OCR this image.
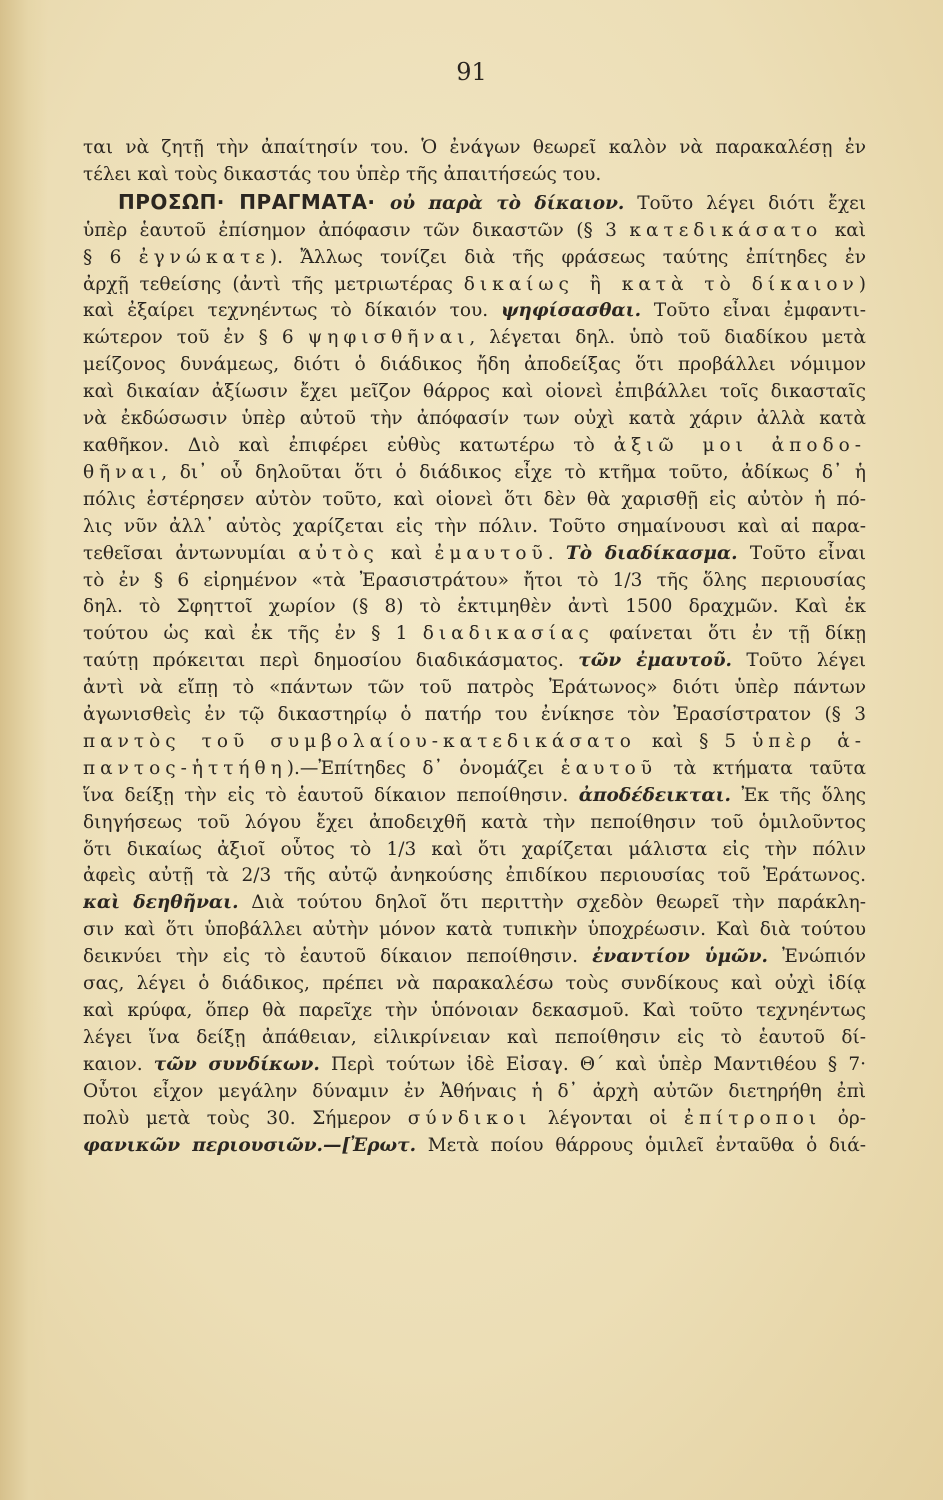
91
ται νὰ ζητῇ τὴν ἀπαίτησίν του. Ὁ ἐνάγων θεωρεῖ καλὸν νὰ παρακαλέσῃ ἐν
τέλει καὶ τοὺς δικαστάς του ὑπὲρ τῆς ἀπαιτήσεώς του.
ΠΡΟΣΩΠ· ΠΡΑΓΜΑΤΑ· οὐ παρὰ τὸ δίκαιον. Τοῦτο λέγει διότι ἔχει
ὑπὲρ ἑαυτοῦ ἐπίσημον ἀπόφασιν τῶν δικαστῶν (§ 3 κατεδικάσατο καὶ
§ 6 ἐγνώκατε). Ἄλλως τονίζει διὰ τῆς φράσεως ταύτης ἐπίτηδες ἐν
ἀρχῇ τεθείσης (ἀντὶ τῆς μετριωτέρας δικαίως ἢ κατὰ τὸ δίκαιον)
καὶ ἐξαίρει τεχνηέντως τὸ δίκαιόν του. ψηφίσασθαι. Τοῦτο εἶναι ἐμφαντι-
κώτερον τοῦ ἐν § 6 ψηφισθῆναι, λέγεται δηλ. ὑπὸ τοῦ διαδίκου μετὰ
μείζονος δυνάμεως, διότι ὁ διάδικος ἤδη ἀποδείξας ὅτι προβάλλει νόμιμον
καὶ δικαίαν ἀξίωσιν ἔχει μεῖζον θάρρος καὶ οἱονεὶ ἐπιβάλλει τοῖς δικασταῖς
νὰ ἐκδώσωσιν ὑπὲρ αὐτοῦ τὴν ἀπόφασίν των οὐχὶ κατὰ χάριν ἀλλὰ κατὰ
καθῆκον. Διὸ καὶ ἐπιφέρει εὐθὺς κατωτέρω τὸ ἀξιῶ μοι ἀποδο-
θῆναι, δι᾿ οὗ δηλοῦται ὅτι ὁ διάδικος εἶχε τὸ κτῆμα τοῦτο, ἀδίκως δ᾿ ἡ
πόλις ἐστέρησεν αὐτὸν τοῦτο, καὶ οἱονεὶ ὅτι δὲν θὰ χαρισθῇ εἰς αὐτὸν ἡ πό-
λις νῦν ἀλλ᾿ αὐτὸς χαρίζεται εἰς τὴν πόλιν. Τοῦτο σημαίνουσι καὶ αἱ παρα-
τεθεῖσαι ἀντωνυμίαι αὐτὸς καὶ ἐμαυτοῦ. Τὸ διαδίκασμα. Τοῦτο εἶναι
τὸ ἐν § 6 εἰρημένον «τὰ Ἐρασιστράτου» ἤτοι τὸ 1/3 τῆς ὅλης περιουσίας
δηλ. τὸ Σφηττοῖ χωρίον (§ 8) τὸ ἐκτιμηθὲν ἀντὶ 1500 δραχμῶν. Καὶ ἐκ
τούτου ὡς καὶ ἐκ τῆς ἐν § 1 διαδικασίας φαίνεται ὅτι ἐν τῇ δίκῃ
ταύτῃ πρόκειται περὶ δημοσίου διαδικάσματος. τῶν ἐμαυτοῦ. Τοῦτο λέγει
ἀντὶ νὰ εἴπῃ τὸ «πάντων τῶν τοῦ πατρὸς Ἐράτωνος» διότι ὑπὲρ πάντων
ἀγωνισθεὶς ἐν τῷ δικαστηρίῳ ὁ πατήρ του ἐνίκησε τὸν Ἐρασίστρατον (§ 3
παντὸς τοῦ συμβολαίου-κατεδικάσατο καὶ § 5 ὑπὲρ ἁ-
παντος-ἡττήθη).—Ἐπίτηδες δ᾿ ὀνομάζει ἑαυτοῦ τὰ κτήματα ταῦτα
ἵνα δείξῃ τὴν εἰς τὸ ἑαυτοῦ δίκαιον πεποίθησιν. ἀποδέδεικται. Ἐκ τῆς ὅλης
διηγήσεως τοῦ λόγου ἔχει ἀποδειχθῆ κατὰ τὴν πεποίθησιν τοῦ ὁμιλοῦντος
ὅτι δικαίως ἀξιοῖ οὗτος τὸ 1/3 καὶ ὅτι χαρίζεται μάλιστα εἰς τὴν πόλιν
ἀφεὶς αὐτῇ τὰ 2/3 τῆς αὐτῷ ἀνηκούσης ἐπιδίκου περιουσίας τοῦ Ἐράτωνος.
καὶ δεηθῆναι. Διὰ τούτου δηλοῖ ὅτι περιττὴν σχεδὸν θεωρεῖ τὴν παράκλη-
σιν καὶ ὅτι ὑποβάλλει αὐτὴν μόνον κατὰ τυπικὴν ὑποχρέωσιν. Καὶ διὰ τούτου
δεικνύει τὴν εἰς τὸ ἑαυτοῦ δίκαιον πεποίθησιν. ἐναντίον ὑμῶν. Ἐνώπιόν
σας, λέγει ὁ διάδικος, πρέπει νὰ παρακαλέσω τοὺς συνδίκους καὶ οὐχὶ ἰδίᾳ
καὶ κρύφα, ὅπερ θὰ παρεῖχε τὴν ὑπόνοιαν δεκασμοῦ. Καὶ τοῦτο τεχνηέντως
λέγει ἵνα δείξῃ ἀπάθειαν, εἰλικρίνειαν καὶ πεποίθησιν εἰς τὸ ἑαυτοῦ δί-
καιον. τῶν συνδίκων. Περὶ τούτων ἰδὲ Εἰσαγ. Θ΄ καὶ ὑπὲρ Μαντιθέου § 7·
Οὗτοι εἶχον μεγάλην δύναμιν ἐν Ἀθήναις ἡ δ᾿ ἀρχὴ αὐτῶν διετηρήθη ἐπὶ
πολὺ μετὰ τοὺς 30. Σήμερον σύνδικοι λέγονται οἱ ἐπίτροποι ὀρ-
φανικῶν περιουσιῶν.—[Ἐρωτ. Μετὰ ποίου θάρρους ὁμιλεῖ ἐνταῦθα ὁ διά-
